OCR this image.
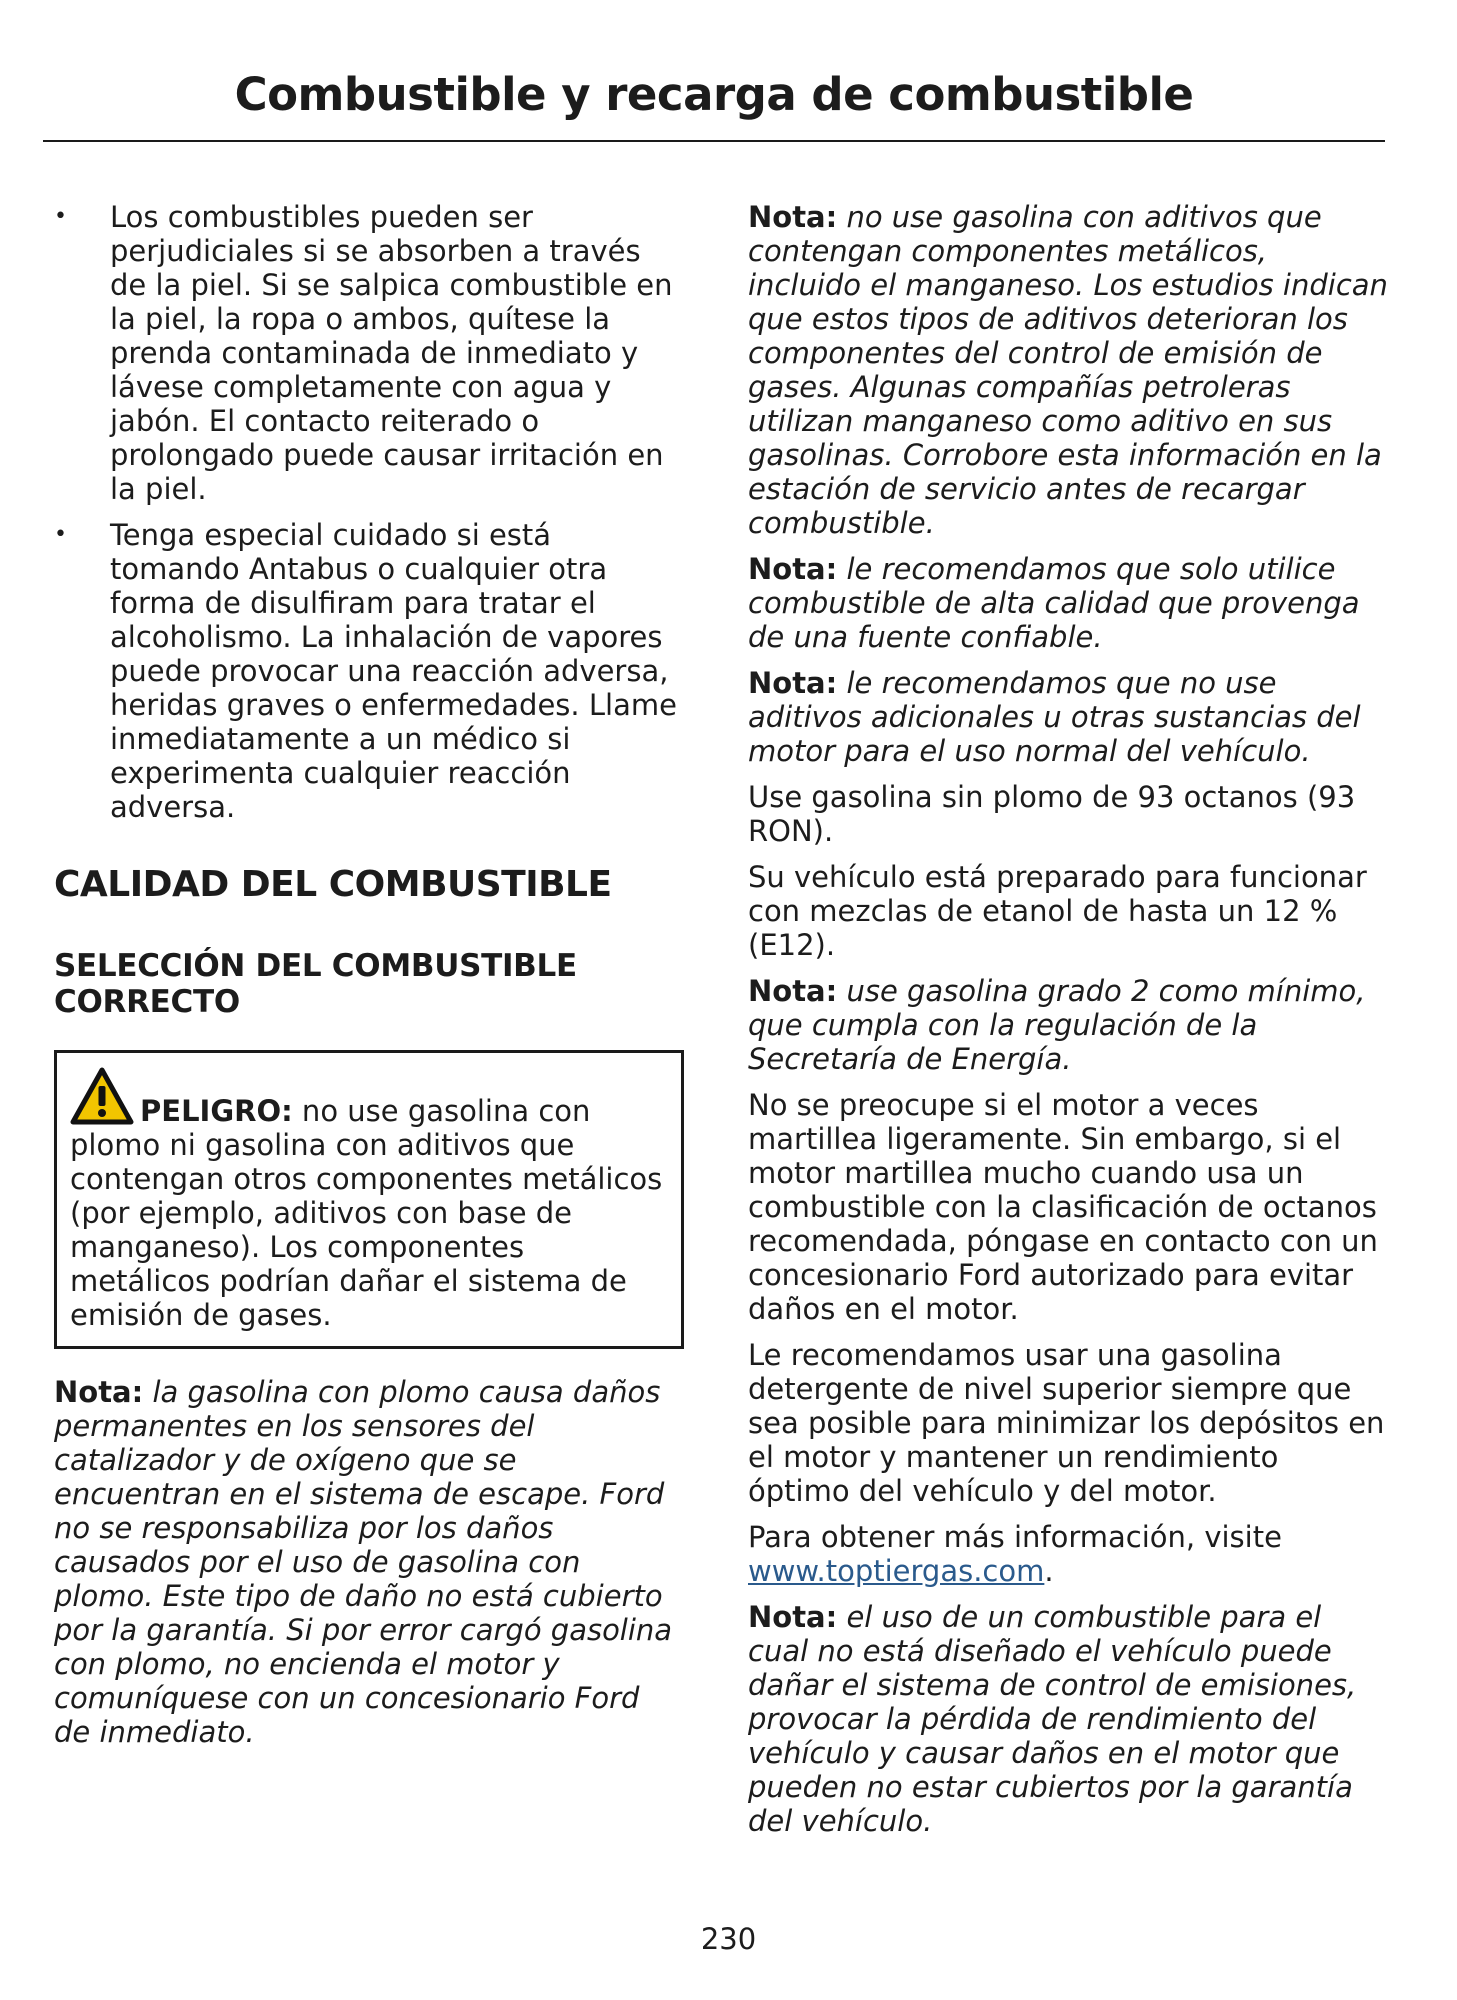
Combustible y recarga de combustible
• Los combustibles pueden ser perjudiciales si se absorben a través de la piel. Si se salpica combustible en la piel, la ropa o ambos, quítese la prenda contaminada de inmediato y lávese completamente con agua y jabón. El contacto reiterado o prolongado puede causar irritación en la piel.
• Tenga especial cuidado si está tomando Antabus o cualquier otra forma de disulfiram para tratar el alcoholismo. La inhalación de vapores puede provocar una reacción adversa, heridas graves o enfermedades. Llame inmediatamente a un médico si experimenta cualquier reacción adversa.
CALIDAD DEL COMBUSTIBLE
SELECCIÓN DEL COMBUSTIBLE CORRECTO
PELIGRO: no use gasolina con plomo ni gasolina con aditivos que contengan otros componentes metálicos (por ejemplo, aditivos con base de manganeso). Los componentes metálicos podrían dañar el sistema de emisión de gases.

Nota: la gasolina con plomo causa daños permanentes en los sensores del catalizador y de oxígeno que se encuentran en el sistema de escape. Ford no se responsabiliza por los daños causados por el uso de gasolina con plomo. Este tipo de daño no está cubierto por la garantía. Si por error cargó gasolina con plomo, no encienda el motor y comuníquese con un concesionario Ford de inmediato.

Nota: no use gasolina con aditivos que contengan componentes metálicos, incluido el manganeso. Los estudios indican que estos tipos de aditivos deterioran los componentes del control de emisión de gases. Algunas compañías petroleras utilizan manganeso como aditivo en sus gasolinas. Corrobore esta información en la estación de servicio antes de recargar combustible.

Nota: le recomendamos que solo utilice combustible de alta calidad que provenga de una fuente confiable.

Nota: le recomendamos que no use aditivos adicionales u otras sustancias del motor para el uso normal del vehículo.

Use gasolina sin plomo de 93 octanos (93 RON).

Su vehículo está preparado para funcionar con mezclas de etanol de hasta un 12 % (E12).

Nota: use gasolina grado 2 como mínimo, que cumpla con la regulación de la Secretaría de Energía.

No se preocupe si el motor a veces martillea ligeramente. Sin embargo, si el motor martillea mucho cuando usa un combustible con la clasificación de octanos recomendada, póngase en contacto con un concesionario Ford autorizado para evitar daños en el motor.

Le recomendamos usar una gasolina detergente de nivel superior siempre que sea posible para minimizar los depósitos en el motor y mantener un rendimiento óptimo del vehículo y del motor.

Para obtener más información, visite www.toptiergas.com.

Nota: el uso de un combustible para el cual no está diseñado el vehículo puede dañar el sistema de control de emisiones, provocar la pérdida de rendimiento del vehículo y causar daños en el motor que pueden no estar cubiertos por la garantía del vehículo.

230
